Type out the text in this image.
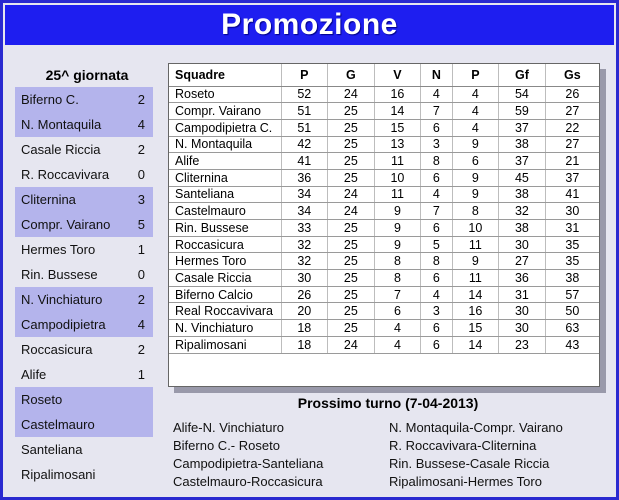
Promozione
25^ giornata
Biferno C.	2
N. Montaquila	4
Casale Riccia	2
R. Roccavivara	0
Cliternina	3
Compr. Vairano	5
Hermes Toro	1
Rin. Bussese	0
N. Vinchiaturo	2
Campodipietra	4
Roccasicura	2
Alife	1
Roseto
Castelmauro
Santeliana
Ripalimosani
Squadre	P	G	V	N	P	Gf	Gs
Roseto	52	24	16	4	4	54	26
Compr. Vairano	51	25	14	7	4	59	27
Campodipietra C.	51	25	15	6	4	37	22
N. Montaquila	42	25	13	3	9	38	27
Alife	41	25	11	8	6	37	21
Cliternina	36	25	10	6	9	45	37
Santeliana	34	24	11	4	9	38	41
Castelmauro	34	24	9	7	8	32	30
Rin. Bussese	33	25	9	6	10	38	31
Roccasicura	32	25	9	5	11	30	35
Hermes Toro	32	25	8	8	9	27	35
Casale Riccia	30	25	8	6	11	36	38
Biferno Calcio	26	25	7	4	14	31	57
Real Roccavivara	20	25	6	3	16	30	50
N. Vinchiaturo	18	25	4	6	15	30	63
Ripalimosani	18	24	4	6	14	23	43
Prossimo turno (7-04-2013)
Alife-N. Vinchiaturo
Biferno C.- Roseto
Campodipietra-Santeliana
Castelmauro-Roccasicura
N. Montaquila-Compr. Vairano
R. Roccavivara-Cliternina
Rin. Bussese-Casale Riccia
Ripalimosani-Hermes Toro
